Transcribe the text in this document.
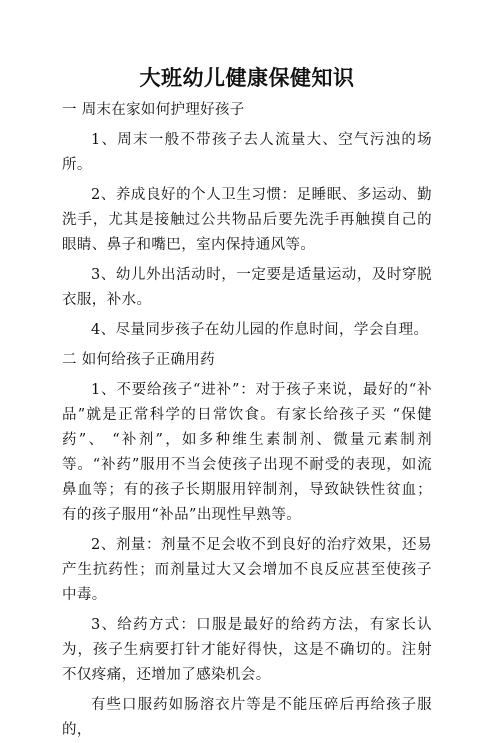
大班幼儿健康保健知识

一 周末在家如何护理好孩子

1、周末一般不带孩子去人流量大、空气污浊的场所。

2、养成良好的个人卫生习惯：足睡眠、多运动、勤洗手，尤其是接触过公共物品后要先洗手再触摸自己的眼睛、鼻子和嘴巴，室内保持通风等。

3、幼儿外出活动时，一定要是适量运动，及时穿脱衣服，补水。

4、尽量同步孩子在幼儿园的作息时间，学会自理。

二 如何给孩子正确用药

1、不要给孩子“进补”：对于孩子来说，最好的“补品”就是正常科学的日常饮食。有家长给孩子买 “保健药”、 “补剂”，如多种维生素制剂、微量元素制剂等。“补药”服用不当会使孩子出现不耐受的表现，如流鼻血等；有的孩子长期服用锌制剂，导致缺铁性贫血；有的孩子服用“补品”出现性早熟等。

2、剂量：剂量不足会收不到良好的治疗效果，还易产生抗药性；而剂量过大又会增加不良反应甚至使孩子中毒。

3、给药方式：口服是最好的给药方法，有家长认为，孩子生病要打针才能好得快，这是不确切的。注射不仅疼痛，还增加了感染机会。

有些口服药如肠溶衣片等是不能压碎后再给孩子服的，
